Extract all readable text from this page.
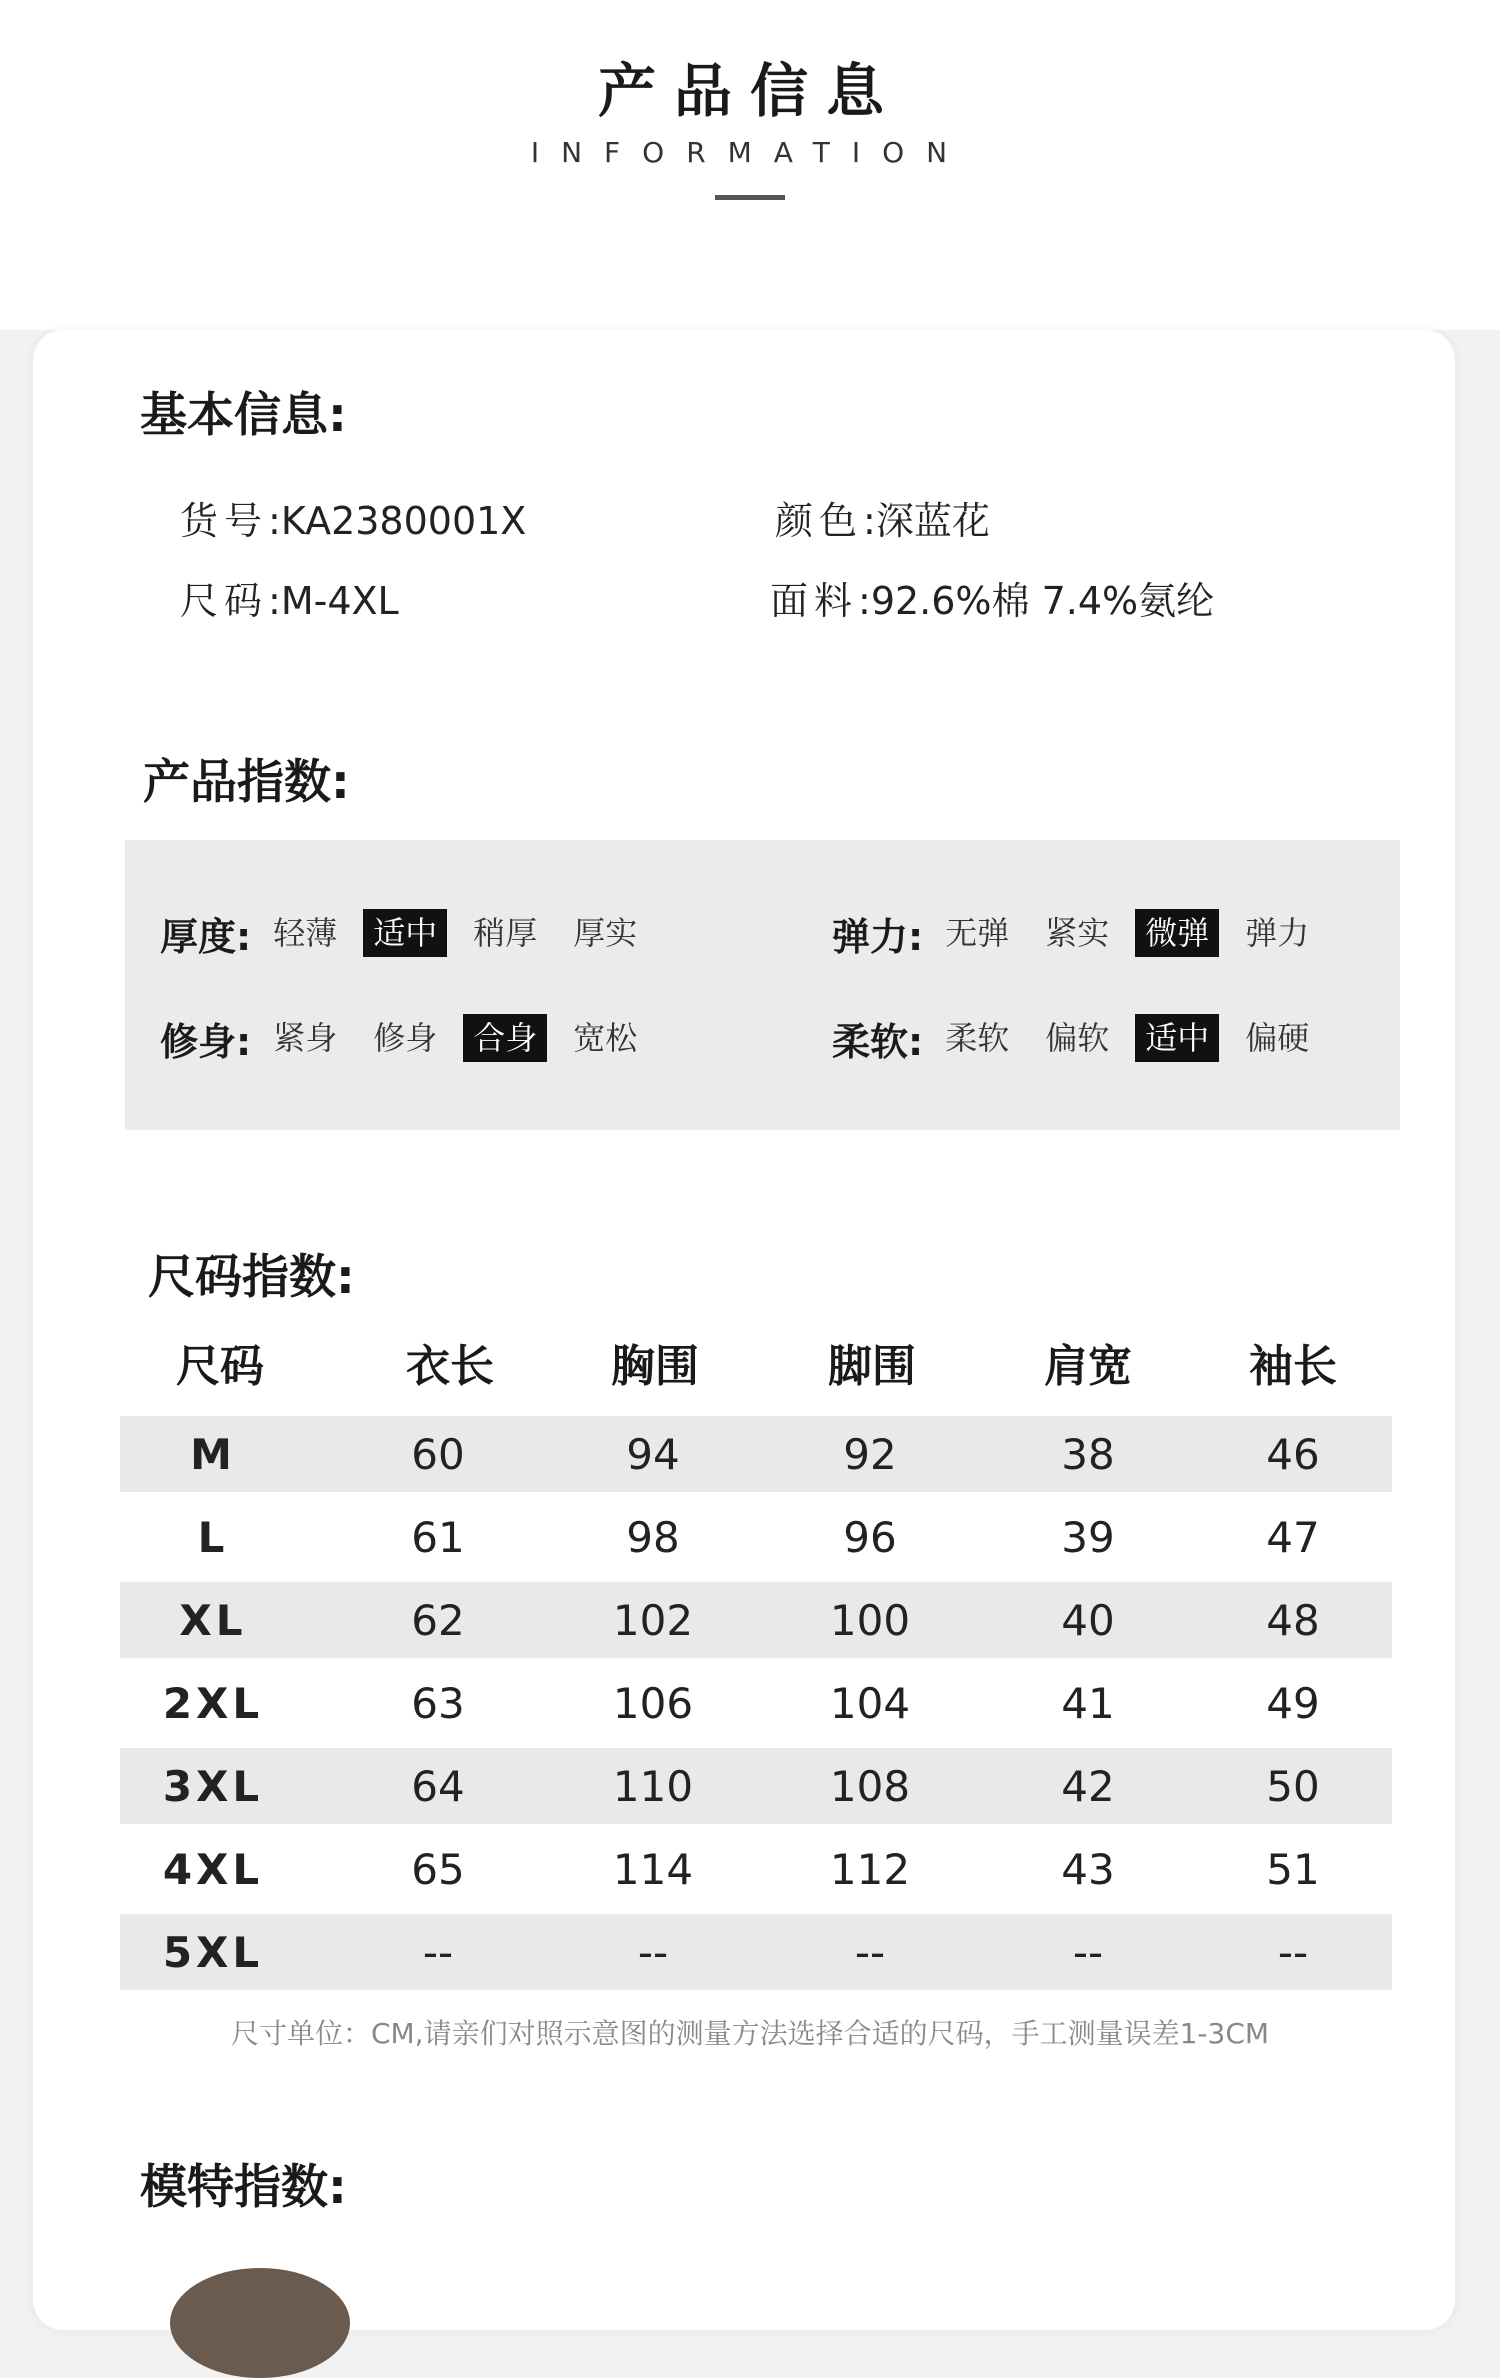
产品信息
INFORMATION
基本信息:
货号:KA2380001X	颜色:深蓝花
尺码:M-4XL	面料:92.6%棉 7.4%氨纶
产品指数:
厚度: 轻薄	适中	稍厚	厚实	弹力: 无弹	紧实	微弹	弹力
修身: 紧身	修身	合身	宽松	柔软: 柔软	偏软	适中	偏硬
尺码指数:
尺码	衣长	胸围	脚围	肩宽	袖长
M	60	94	92	38	46
L	61	98	96	39	47
XL	62	102	100	40	48
2XL	63	106	104	41	49
3XL	64	110	108	42	50
4XL	65	114	112	43	51
5XL	--	--	--	--	--
尺寸单位：CM,请亲们对照示意图的测量方法选择合适的尺码，手工测量误差1-3CM
模特指数:
